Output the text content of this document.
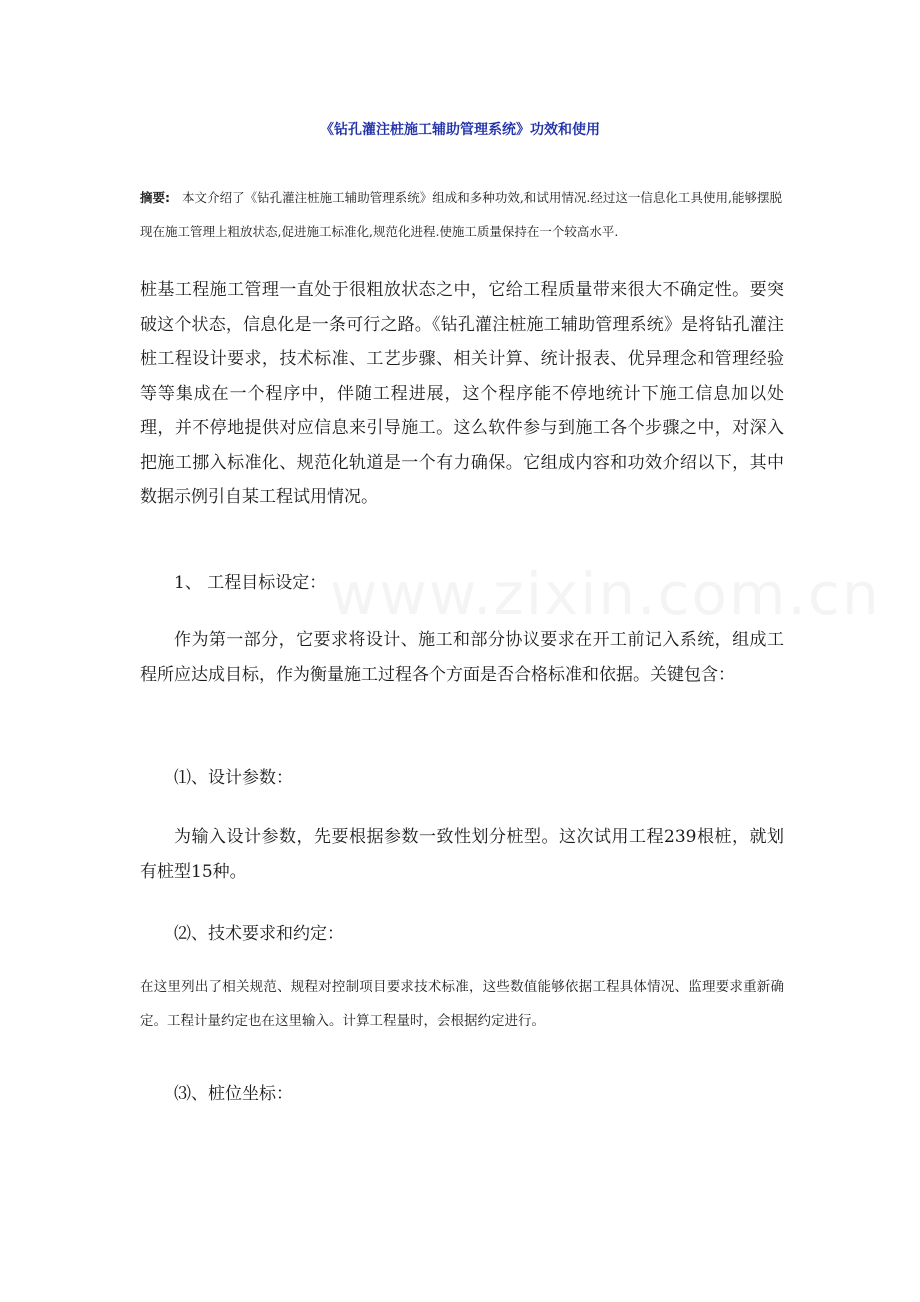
《钻孔灌注桩施工辅助管理系统》功效和使用

摘要: 本文介绍了《钻孔灌注桩施工辅助管理系统》组成和多种功效,和试用情况.经过这一信息化工具使用,能够摆脱现在施工管理上粗放状态,促进施工标准化,规范化进程.使施工质量保持在一个较高水平.

桩基工程施工管理一直处于很粗放状态之中，它给工程质量带来很大不确定性。要突破这个状态，信息化是一条可行之路。《钻孔灌注桩施工辅助管理系统》是将钻孔灌注桩工程设计要求，技术标准、工艺步骤、相关计算、统计报表、优异理念和管理经验等等集成在一个程序中，伴随工程进展，这个程序能不停地统计下施工信息加以处理，并不停地提供对应信息来引导施工。这么软件参与到施工各个步骤之中，对深入把施工挪入标准化、规范化轨道是一个有力确保。它组成内容和功效介绍以下，其中数据示例引自某工程试用情况。

1、 工程目标设定：

作为第一部分，它要求将设计、施工和部分协议要求在开工前记入系统，组成工程所应达成目标，作为衡量施工过程各个方面是否合格标准和依据。关键包含：

⑴、设计参数：

为输入设计参数，先要根据参数一致性划分桩型。这次试用工程239根桩，就划有桩型15种。

⑵、技术要求和约定：

在这里列出了相关规范、规程对控制项目要求技术标准，这些数值能够依据工程具体情况、监理要求重新确定。工程计量约定也在这里输入。计算工程量时，会根据约定进行。

⑶、桩位坐标：
